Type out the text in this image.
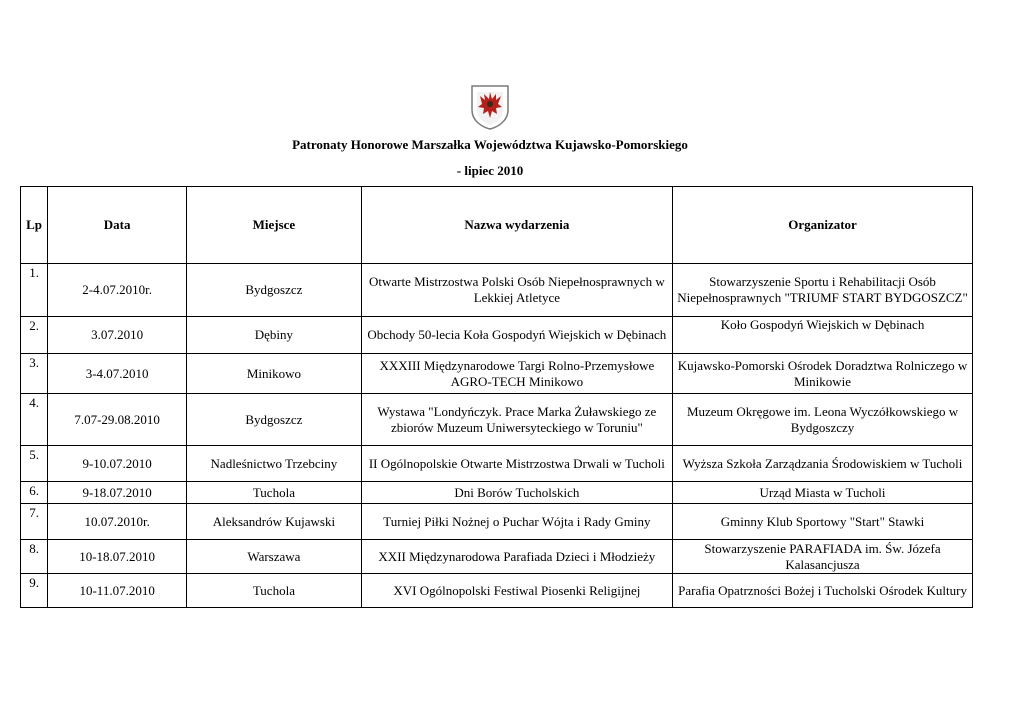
Patronaty Honorowe Marszałka Województwa Kujawsko-Pomorskiego
- lipiec 2010
Lp	Data	Miejsce	Nazwa wydarzenia	Organizator
1.	2-4.07.2010r.	Bydgoszcz	Otwarte Mistrzostwa Polski Osób Niepełnosprawnych w Lekkiej Atletyce	Stowarzyszenie Sportu i Rehabilitacji Osób Niepełnosprawnych "TRIUMF START BYDGOSZCZ"
2.	3.07.2010	Dębiny	Obchody 50-lecia Koła Gospodyń Wiejskich w Dębinach	Koło Gospodyń Wiejskich w Dębinach
3.	3-4.07.2010	Minikowo	XXXIII Międzynarodowe Targi Rolno-Przemysłowe AGRO-TECH Minikowo	Kujawsko-Pomorski Ośrodek Doradztwa Rolniczego w Minikowie
4.	7.07-29.08.2010	Bydgoszcz	Wystawa "Londyńczyk. Prace Marka Żuławskiego ze zbiorów Muzeum Uniwersyteckiego w Toruniu"	Muzeum Okręgowe im. Leona Wyczółkowskiego w Bydgoszczy
5.	9-10.07.2010	Nadleśnictwo Trzebciny	II Ogólnopolskie Otwarte Mistrzostwa Drwali w Tucholi	Wyższa Szkoła Zarządzania Środowiskiem w Tucholi
6.	9-18.07.2010	Tuchola	Dni Borów Tucholskich	Urząd Miasta w Tucholi
7.	10.07.2010r.	Aleksandrów Kujawski	Turniej Piłki Nożnej o Puchar Wójta i Rady Gminy	Gminny Klub Sportowy "Start" Stawki
8.	10-18.07.2010	Warszawa	XXII Międzynarodowa Parafiada Dzieci i Młodzieży	Stowarzyszenie PARAFIADA im. Św. Józefa Kalasancjusza
9.	10-11.07.2010	Tuchola	XVI Ogólnopolski Festiwal Piosenki Religijnej	Parafia Opatrzności Bożej i Tucholski Ośrodek Kultury
